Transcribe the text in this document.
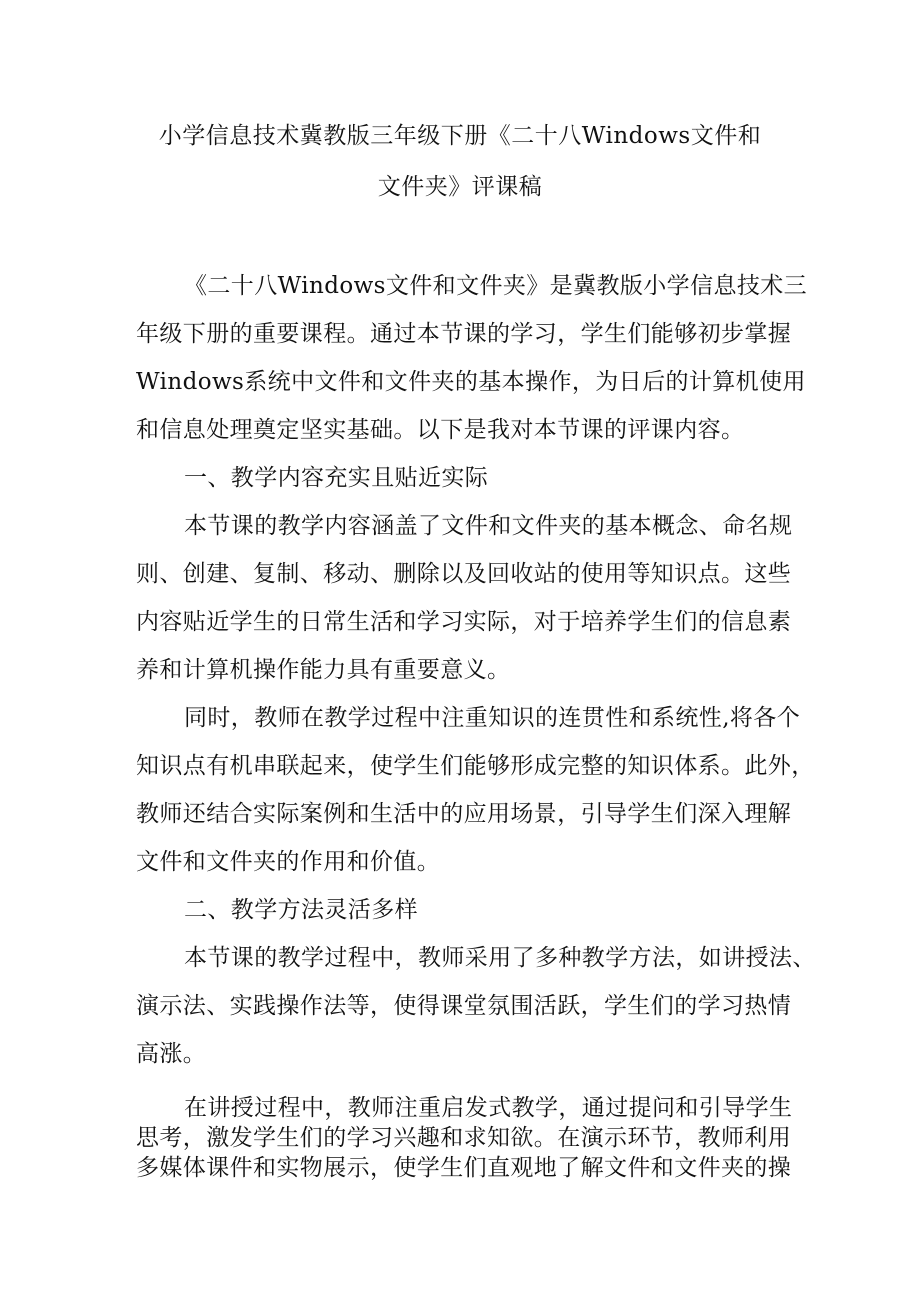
小学信息技术冀教版三年级下册《二十八Windows文件和
文件夹》评课稿
《二十八Windows文件和文件夹》是冀教版小学信息技术三
年级下册的重要课程。通过本节课的学习，学生们能够初步掌握
Windows系统中文件和文件夹的基本操作，为日后的计算机使用
和信息处理奠定坚实基础。以下是我对本节课的评课内容。
一、教学内容充实且贴近实际
本节课的教学内容涵盖了文件和文件夹的基本概念、命名规
则、创建、复制、移动、删除以及回收站的使用等知识点。这些
内容贴近学生的日常生活和学习实际，对于培养学生们的信息素
养和计算机操作能力具有重要意义。
同时，教师在教学过程中注重知识的连贯性和系统性,将各个
知识点有机串联起来，使学生们能够形成完整的知识体系。此外，
教师还结合实际案例和生活中的应用场景，引导学生们深入理解
文件和文件夹的作用和价值。
二、教学方法灵活多样
本节课的教学过程中，教师采用了多种教学方法，如讲授法、
演示法、实践操作法等，使得课堂氛围活跃，学生们的学习热情
高涨。
在讲授过程中，教师注重启发式教学，通过提问和引导学生
思考，激发学生们的学习兴趣和求知欲。在演示环节，教师利用
多媒体课件和实物展示，使学生们直观地了解文件和文件夹的操
